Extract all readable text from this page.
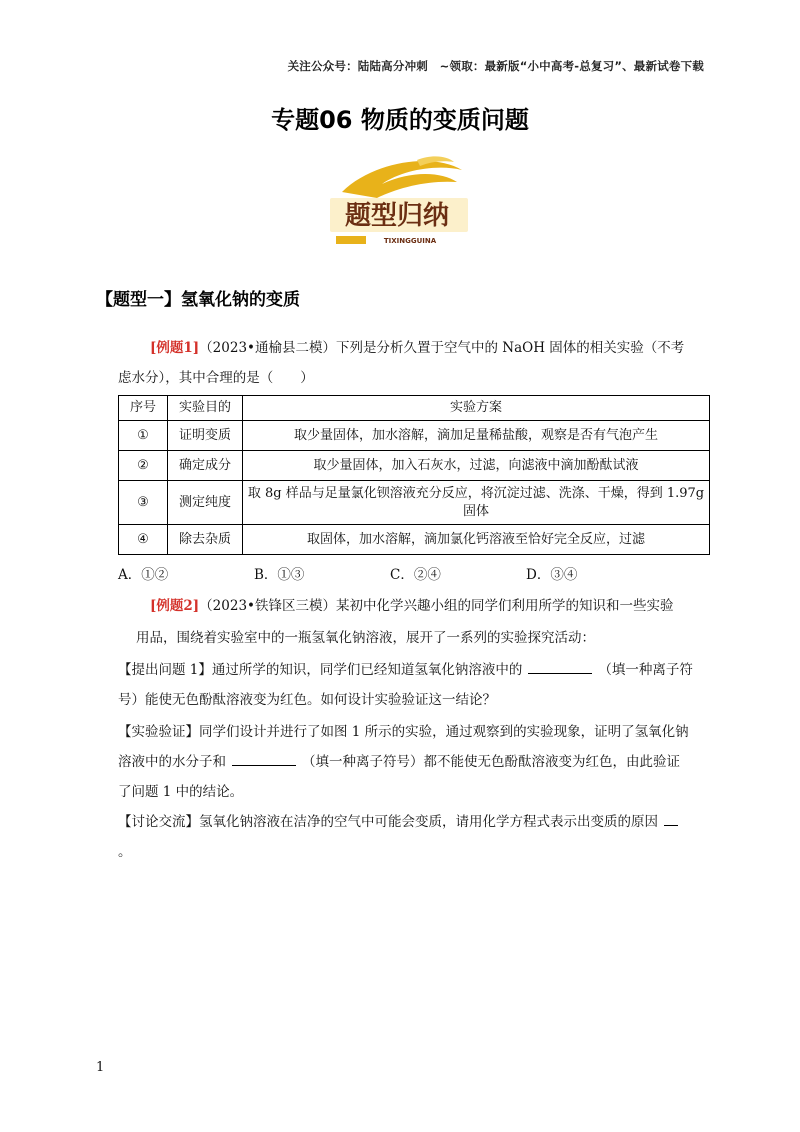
关注公众号：陆陆高分冲刺　~领取：最新版“小中高考-总复习”、最新试卷下载
专题06 物质的变质问题
题型归纳
TIXINGGUINA
【题型一】氢氧化钠的变质
[例题1]（2023•通榆县二模）下列是分析久置于空气中的 NaOH 固体的相关实验（不考
虑水分），其中合理的是（　　）
序号	实验目的	实验方案
①	证明变质	取少量固体，加水溶解，滴加足量稀盐酸，观察是否有气泡产生
②	确定成分	取少量固体，加入石灰水，过滤，向滤液中滴加酚酞试液
③	测定纯度	取 8g 样品与足量氯化钡溶液充分反应，将沉淀过滤、洗涤、干燥，得到 1.97g 固体
④	除去杂质	取固体，加水溶解，滴加氯化钙溶液至恰好完全反应，过滤
A．①②	B．①③	C．②④	D．③④
[例题2]（2023•铁锋区三模）某初中化学兴趣小组的同学们利用所学的知识和一些实验
用品，围绕着实验室中的一瓶氢氧化钠溶液，展开了一系列的实验探究活动：
【提出问题 1】通过所学的知识，同学们已经知道氢氧化钠溶液中的	（填一种离子符
号）能使无色酚酞溶液变为红色。如何设计实验验证这一结论？
【实验验证】同学们设计并进行了如图 1 所示的实验，通过观察到的实验现象，证明了氢氧化钠
溶液中的水分子和	（填一种离子符号）都不能使无色酚酞溶液变为红色，由此验证
了问题 1 中的结论。
【讨论交流】氢氧化钠溶液在洁净的空气中可能会变质，请用化学方程式表示出变质的原因
。
1
